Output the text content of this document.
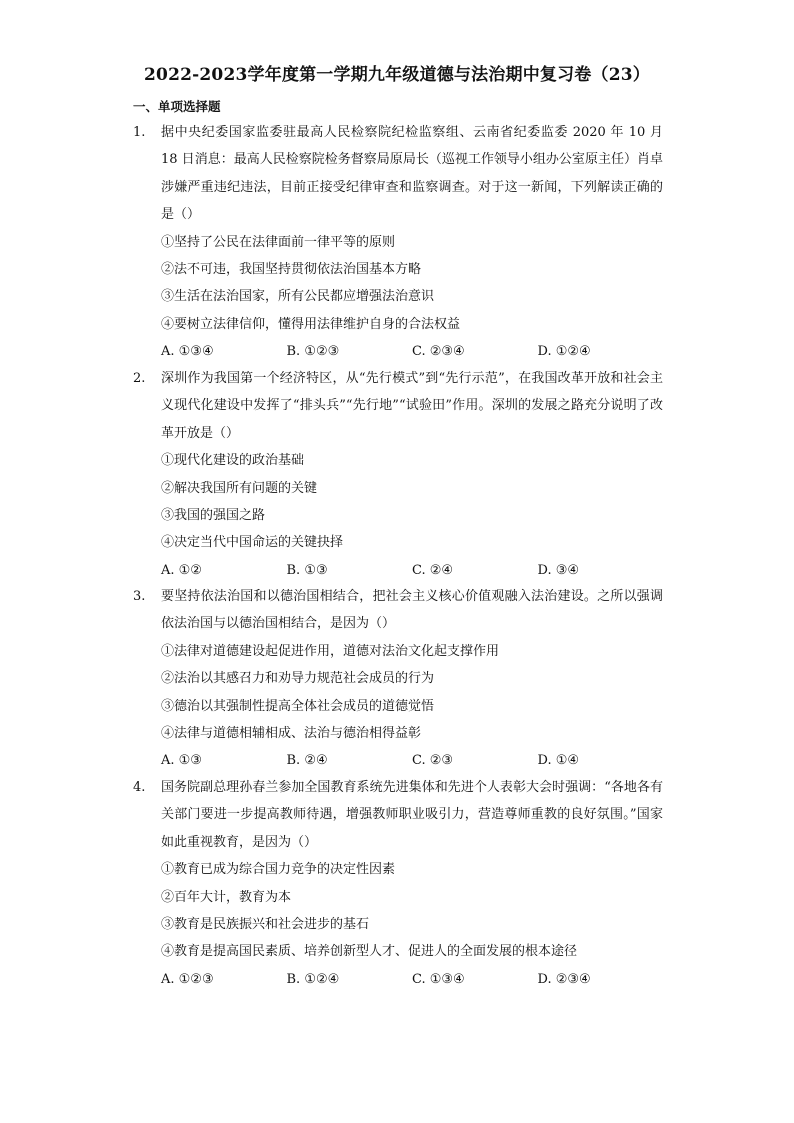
2022-2023学年度第一学期九年级道德与法治期中复习卷（23）
一、单项选择题
1.	据中央纪委国家监委驻最高人民检察院纪检监察组、云南省纪委监委 2020 年 10 月 18 日消息：最高人民检察院检务督察局原局长（巡视工作领导小组办公室原主任）肖卓涉嫌严重违纪违法，目前正接受纪律审查和监察调查。对于这一新闻，下列解读正确的是（）
①坚持了公民在法律面前一律平等的原则
②法不可违，我国坚持贯彻依法治国基本方略
③生活在法治国家，所有公民都应增强法治意识
④要树立法律信仰，懂得用法律维护自身的合法权益
A. ①③④	B. ①②③	C. ②③④	D. ①②④
2.	深圳作为我国第一个经济特区，从“先行模式”到“先行示范”，在我国改革开放和社会主义现代化建设中发挥了“排头兵”“先行地”“试验田”作用。深圳的发展之路充分说明了改革开放是（）
①现代化建设的政治基础
②解决我国所有问题的关键
③我国的强国之路
④决定当代中国命运的关键抉择
A. ①②	B. ①③	C. ②④	D. ③④
3.	要坚持依法治国和以德治国相结合，把社会主义核心价值观融入法治建设。之所以强调依法治国与以德治国相结合，是因为（）
①法律对道德建设起促进作用，道德对法治文化起支撑作用
②法治以其感召力和劝导力规范社会成员的行为
③德治以其强制性提高全体社会成员的道德觉悟
④法律与道德相辅相成、法治与德治相得益彰
A. ①③	B. ②④	C. ②③	D. ①④
4.	国务院副总理孙春兰参加全国教育系统先进集体和先进个人表彰大会时强调：“各地各有关部门要进一步提高教师待遇，增强教师职业吸引力，营造尊师重教的良好氛围。”国家如此重视教育，是因为（）
①教育已成为综合国力竞争的决定性因素
②百年大计，教育为本
③教育是民族振兴和社会进步的基石
④教育是提高国民素质、培养创新型人才、促进人的全面发展的根本途径
A. ①②③	B. ①②④	C. ①③④	D. ②③④
